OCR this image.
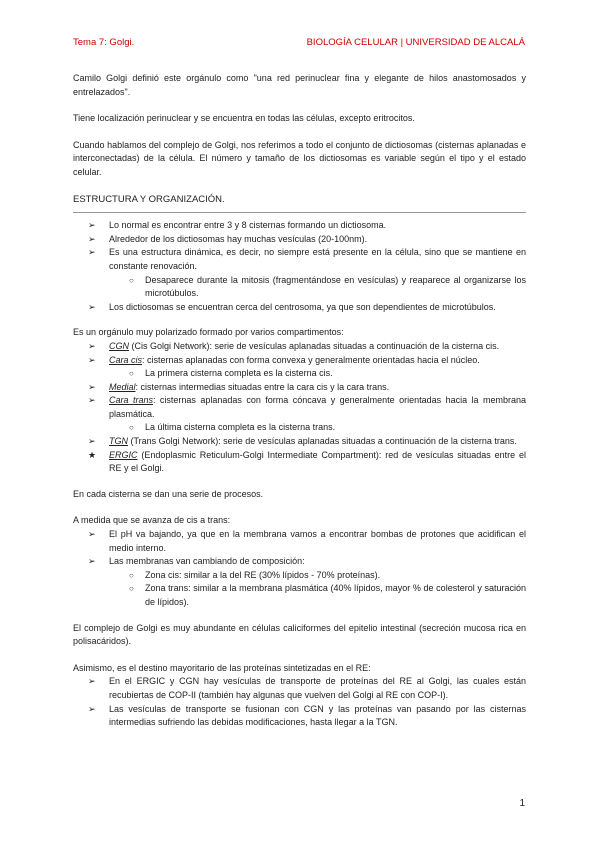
Tema 7: Golgi.	BIOLOGÍA CELULAR | UNIVERSIDAD DE ALCALÁ

Camilo Golgi definió este orgánulo como "una red perinuclear fina y elegante de hilos anastomosados y entrelazados".

Tiene localización perinuclear y se encuentra en todas las células, excepto eritrocitos.

Cuando hablamos del complejo de Golgi, nos referimos a todo el conjunto de dictiosomas (cisternas aplanadas e interconectadas) de la célula. El número y tamaño de los dictiosomas es variable según el tipo y el estado celular.

ESTRUCTURA Y ORGANIZACIÓN.
➢ Lo normal es encontrar entre 3 y 8 cisternas formando un dictiosoma.
➢ Alrededor de los dictiosomas hay muchas vesículas (20-100nm).
➢ Es una estructura dinámica, es decir, no siempre está presente en la célula, sino que se mantiene en constante renovación.
○ Desaparece durante la mitosis (fragmentándose en vesículas) y reaparece al organizarse los microtúbulos.
➢ Los dictiosomas se encuentran cerca del centrosoma, ya que son dependientes de microtúbulos.

Es un orgánulo muy polarizado formado por varios compartimentos:

➢ CGN (Cis Golgi Network): serie de vesículas aplanadas situadas a continuación de la cisterna cis.
➢ Cara cis: cisternas aplanadas con forma convexa y generalmente orientadas hacia el núcleo.
○ La primera cisterna completa es la cisterna cis.
➢ Medial: cisternas intermedias situadas entre la cara cis y la cara trans.
➢ Cara trans: cisternas aplanadas con forma cóncava y generalmente orientadas hacia la membrana plasmática.
○ La última cisterna completa es la cisterna trans.
➢ TGN (Trans Golgi Network): serie de vesículas aplanadas situadas a continuación de la cisterna trans.
★ ERGIC (Endoplasmic Reticulum-Golgi Intermediate Compartment): red de vesículas situadas entre el RE y el Golgi.

En cada cisterna se dan una serie de procesos.

A medida que se avanza de cis a trans:

➢ El pH va bajando, ya que en la membrana vamos a encontrar bombas de protones que acidifican el medio interno.
➢ Las membranas van cambiando de composición:
○ Zona cis: similar a la del RE (30% lípidos - 70% proteínas).
○ Zona trans: similar a la membrana plasmática (40% lípidos, mayor % de colesterol y saturación de lípidos).

El complejo de Golgi es muy abundante en células caliciformes del epitelio intestinal (secreción mucosa rica en polisacáridos).

Asimismo, es el destino mayoritario de las proteínas sintetizadas en el RE:

➢ En el ERGIC y CGN hay vesículas de transporte de proteínas del RE al Golgi, las cuales están recubiertas de COP-II (también hay algunas que vuelven del Golgi al RE con COP-I).
➢ Las vesículas de transporte se fusionan con CGN y las proteínas van pasando por las cisternas intermedias sufriendo las debidas modificaciones, hasta llegar a la TGN.
1
